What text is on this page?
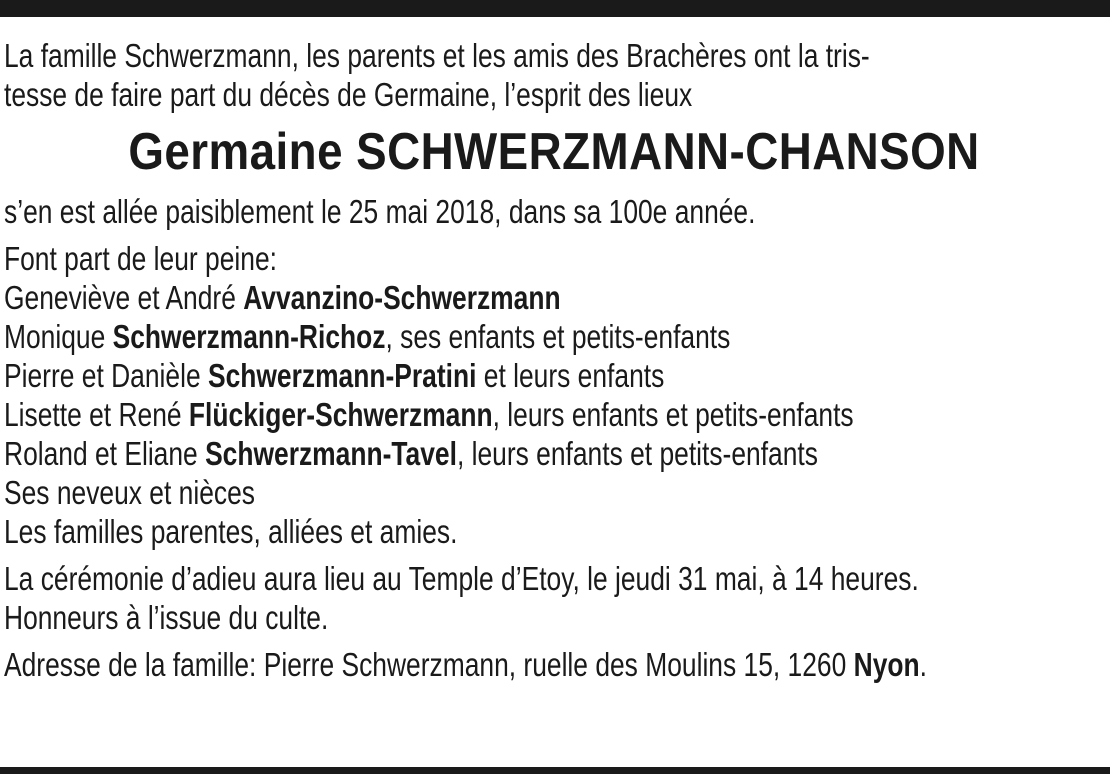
La famille Schwerzmann, les parents et les amis des Brachères ont la tris-
tesse de faire part du décès de Germaine, l’esprit des lieux
Germaine SCHWERZMANN-CHANSON
s’en est allée paisiblement le 25 mai 2018, dans sa 100e année.
Font part de leur peine:
Geneviève et André Avvanzino-Schwerzmann
Monique Schwerzmann-Richoz, ses enfants et petits-enfants
Pierre et Danièle Schwerzmann-Pratini et leurs enfants
Lisette et René Flückiger-Schwerzmann, leurs enfants et petits-enfants
Roland et Eliane Schwerzmann-Tavel, leurs enfants et petits-enfants
Ses neveux et nièces
Les familles parentes, alliées et amies.
La cérémonie d’adieu aura lieu au Temple d’Etoy, le jeudi 31 mai, à 14 heures.
Honneurs à l’issue du culte.
Adresse de la famille: Pierre Schwerzmann, ruelle des Moulins 15, 1260 Nyon.
